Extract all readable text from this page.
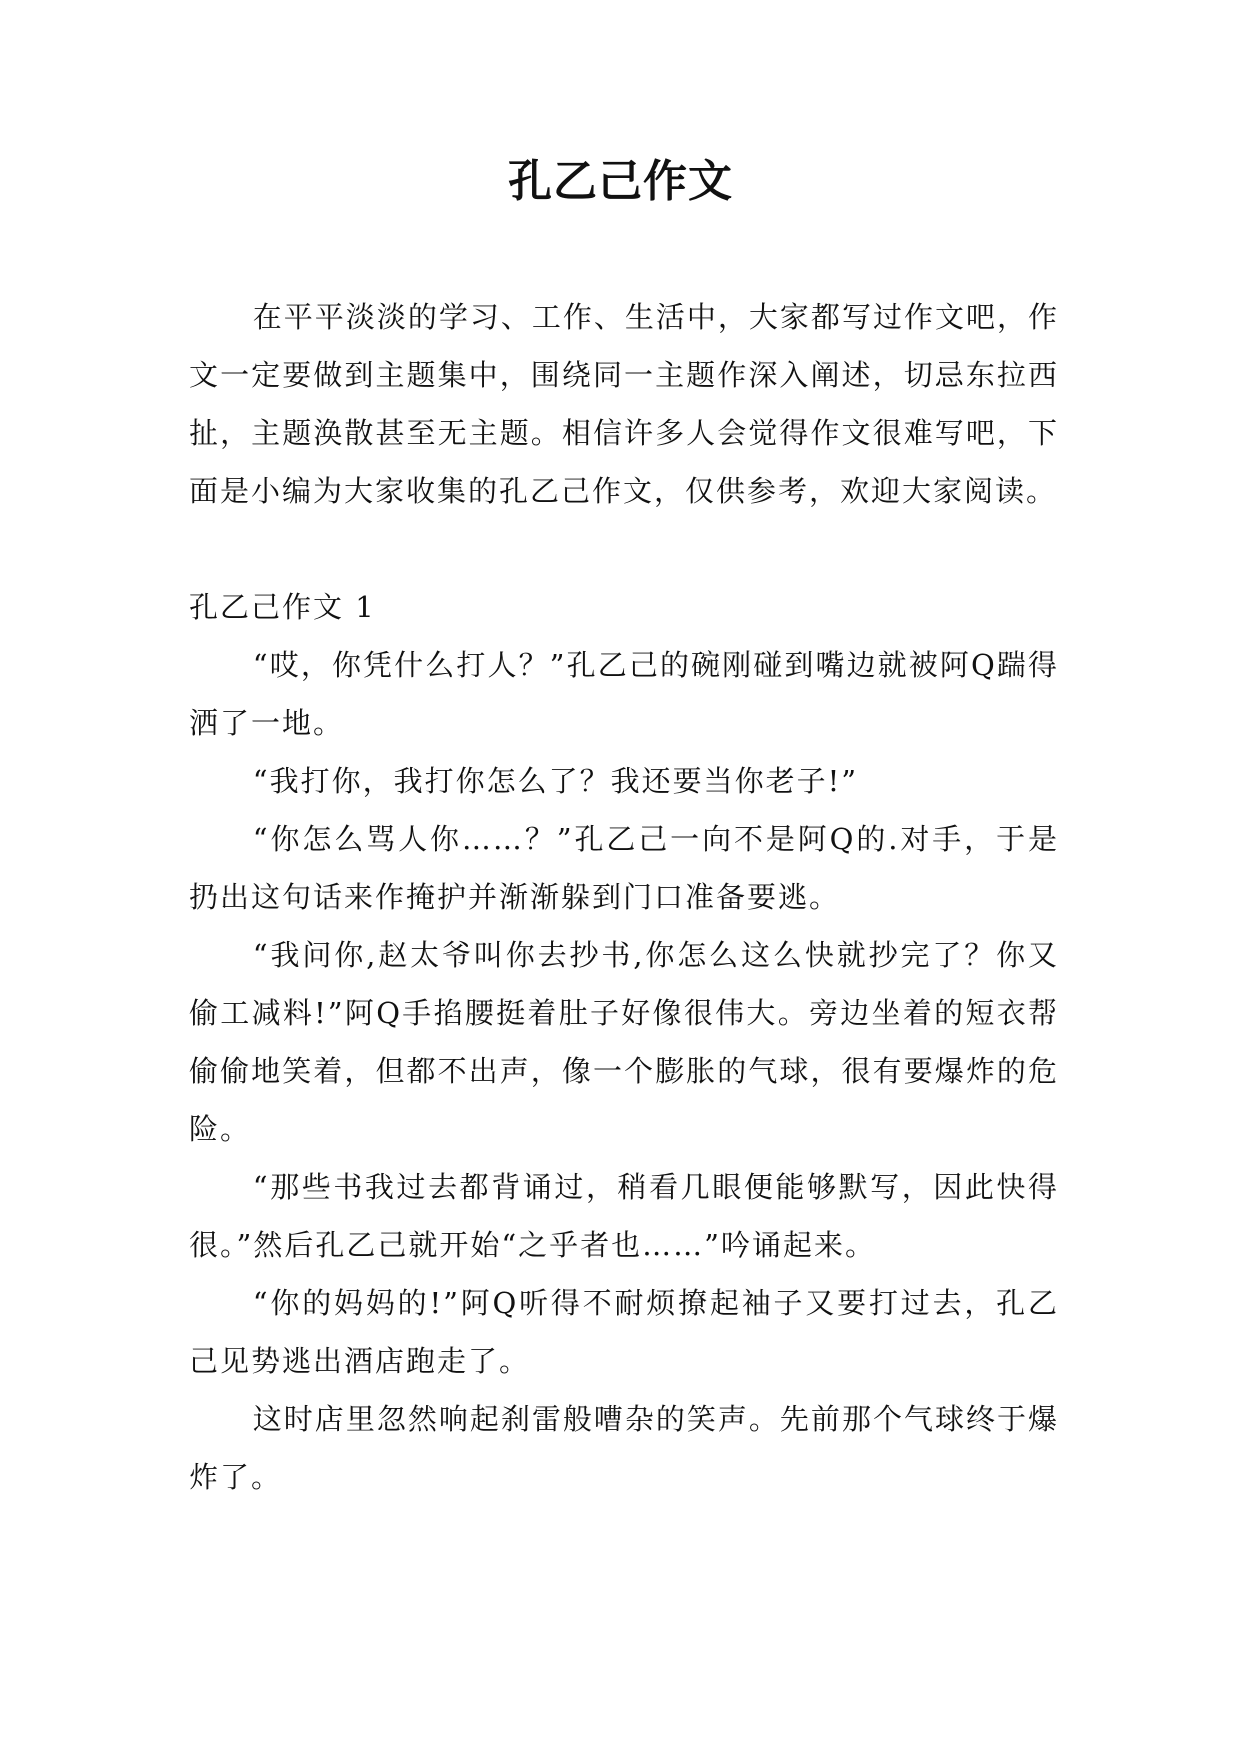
孔乙己作文

在平平淡淡的学习、工作、生活中，大家都写过作文吧，作文一定要做到主题集中，围绕同一主题作深入阐述，切忌东拉西扯，主题涣散甚至无主题。相信许多人会觉得作文很难写吧，下面是小编为大家收集的孔乙己作文，仅供参考，欢迎大家阅读。

孔乙己作文 1

“哎，你凭什么打人？”孔乙己的碗刚碰到嘴边就被阿Q踹得洒了一地。

“我打你，我打你怎么了？我还要当你老子!”

“你怎么骂人你……？”孔乙己一向不是阿Q的.对手，于是扔出这句话来作掩护并渐渐躲到门口准备要逃。

“我问你,赵太爷叫你去抄书,你怎么这么快就抄完了？你又偷工减料!”阿Q手掐腰挺着肚子好像很伟大。旁边坐着的短衣帮偷偷地笑着，但都不出声，像一个膨胀的气球，很有要爆炸的危险。

“那些书我过去都背诵过，稍看几眼便能够默写，因此快得很。”然后孔乙己就开始“之乎者也……”吟诵起来。

“你的妈妈的!”阿Q听得不耐烦撩起袖子又要打过去，孔乙己见势逃出酒店跑走了。

这时店里忽然响起刹雷般嘈杂的笑声。先前那个气球终于爆炸了。
